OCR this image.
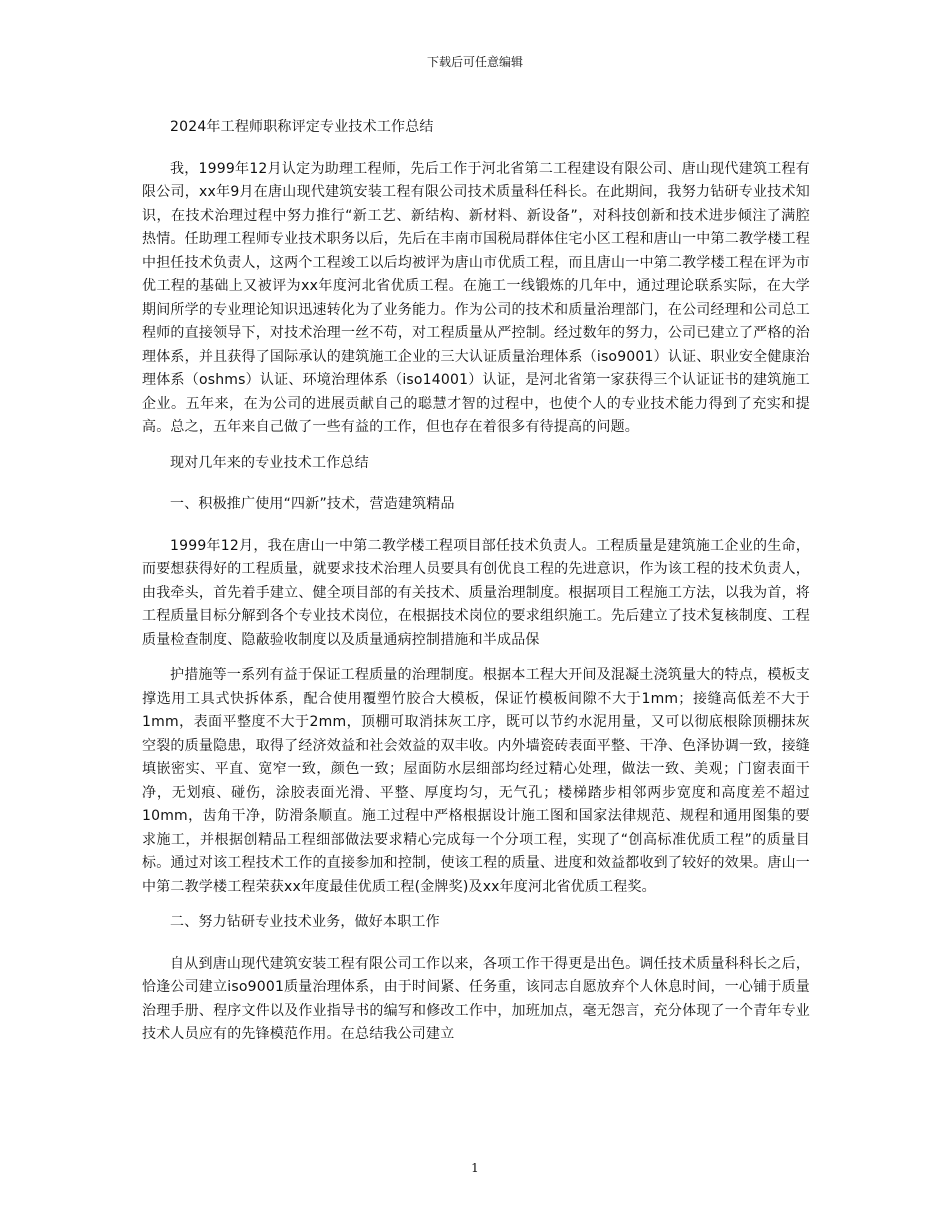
下载后可任意编辑

2024年工程师职称评定专业技术工作总结

我，1999年12月认定为助理工程师，先后工作于河北省第二工程建设有限公司、唐山现代建筑工程有限公司，xx年9月在唐山现代建筑安装工程有限公司技术质量科任科长。在此期间，我努力钻研专业技术知识，在技术治理过程中努力推行“新工艺、新结构、新材料、新设备”，对科技创新和技术进步倾注了满腔热情。任助理工程师专业技术职务以后，先后在丰南市国税局群体住宅小区工程和唐山一中第二教学楼工程中担任技术负责人，这两个工程竣工以后均被评为唐山市优质工程，而且唐山一中第二教学楼工程在评为市优工程的基础上又被评为xx年度河北省优质工程。在施工一线锻炼的几年中，通过理论联系实际，在大学期间所学的专业理论知识迅速转化为了业务能力。作为公司的技术和质量治理部门，在公司经理和公司总工程师的直接领导下，对技术治理一丝不苟，对工程质量从严控制。经过数年的努力，公司已建立了严格的治理体系，并且获得了国际承认的建筑施工企业的三大认证质量治理体系（iso9001）认证、职业安全健康治理体系（oshms）认证、环境治理体系（iso14001）认证，是河北省第一家获得三个认证证书的建筑施工企业。五年来，在为公司的进展贡献自己的聪慧才智的过程中，也使个人的专业技术能力得到了充实和提高。总之，五年来自己做了一些有益的工作，但也存在着很多有待提高的问题。

现对几年来的专业技术工作总结

一、积极推广使用“四新”技术，营造建筑精品

1999年12月，我在唐山一中第二教学楼工程项目部任技术负责人。工程质量是建筑施工企业的生命，而要想获得好的工程质量，就要求技术治理人员要具有创优良工程的先进意识，作为该工程的技术负责人，由我牵头，首先着手建立、健全项目部的有关技术、质量治理制度。根据项目工程施工方法，以我为首，将工程质量目标分解到各个专业技术岗位，在根据技术岗位的要求组织施工。先后建立了技术复核制度、工程质量检查制度、隐蔽验收制度以及质量通病控制措施和半成品保

护措施等一系列有益于保证工程质量的治理制度。根据本工程大开间及混凝土浇筑量大的特点，模板支撑选用工具式快拆体系，配合使用覆塑竹胶合大模板，保证竹模板间隙不大于1mm；接缝高低差不大于1mm，表面平整度不大于2mm，顶棚可取消抹灰工序，既可以节约水泥用量，又可以彻底根除顶棚抹灰空裂的质量隐患，取得了经济效益和社会效益的双丰收。内外墙瓷砖表面平整、干净、色泽协调一致，接缝填嵌密实、平直、宽窄一致，颜色一致；屋面防水层细部均经过精心处理，做法一致、美观；门窗表面干净，无划痕、碰伤，涂胶表面光滑、平整、厚度均匀，无气孔；楼梯踏步相邻两步宽度和高度差不超过10mm，齿角干净，防滑条顺直。施工过程中严格根据设计施工图和国家法律规范、规程和通用图集的要求施工，并根据创精品工程细部做法要求精心完成每一个分项工程，实现了“创高标准优质工程”的质量目标。通过对该工程技术工作的直接参加和控制，使该工程的质量、进度和效益都收到了较好的效果。唐山一中第二教学楼工程荣获xx年度最佳优质工程(金牌奖)及xx年度河北省优质工程奖。

二、努力钻研专业技术业务，做好本职工作

自从到唐山现代建筑安装工程有限公司工作以来，各项工作干得更是出色。调任技术质量科科长之后，恰逢公司建立iso9001质量治理体系，由于时间紧、任务重，该同志自愿放弃个人休息时间，一心铺于质量治理手册、程序文件以及作业指导书的编写和修改工作中，加班加点，毫无怨言，充分体现了一个青年专业技术人员应有的先锋模范作用。在总结我公司建立

1
